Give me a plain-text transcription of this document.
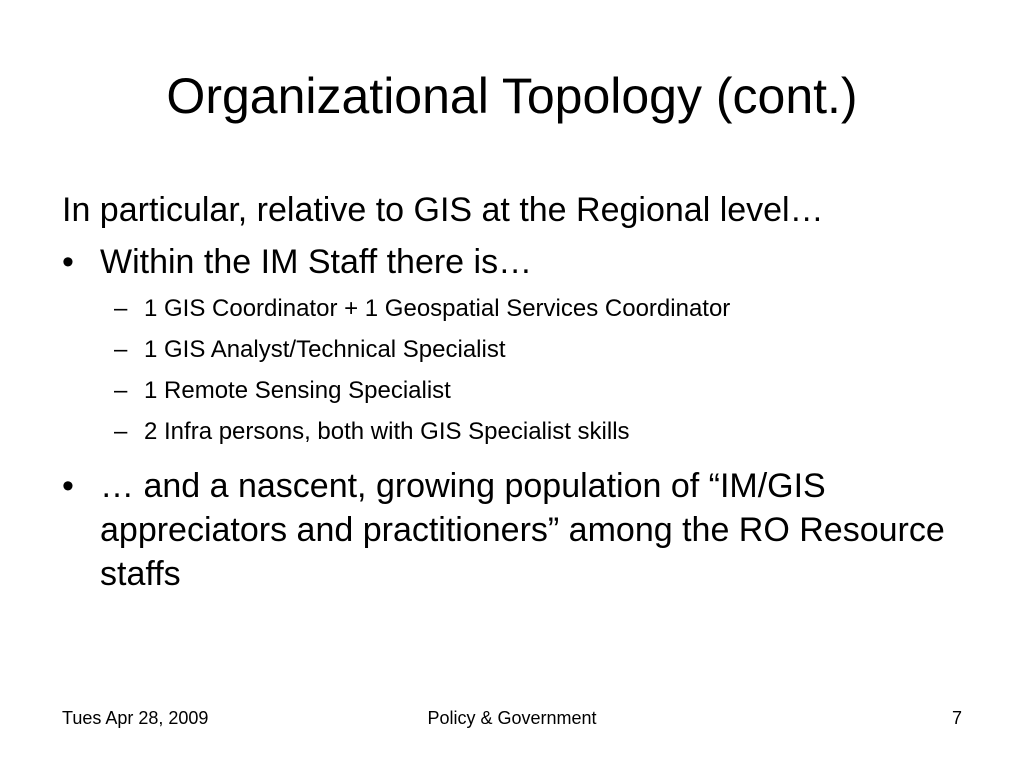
Organizational Topology (cont.)

In particular, relative to GIS at the Regional level…

• Within the IM Staff there is…
– 1 GIS Coordinator + 1 Geospatial Services Coordinator
– 1 GIS Analyst/Technical Specialist
– 1 Remote Sensing Specialist
– 2 Infra persons, both with GIS Specialist skills
• … and a nascent, growing population of “IM/GIS appreciators and practitioners” among the RO Resource staffs
Tues Apr 28, 2009	Policy & Government	7
